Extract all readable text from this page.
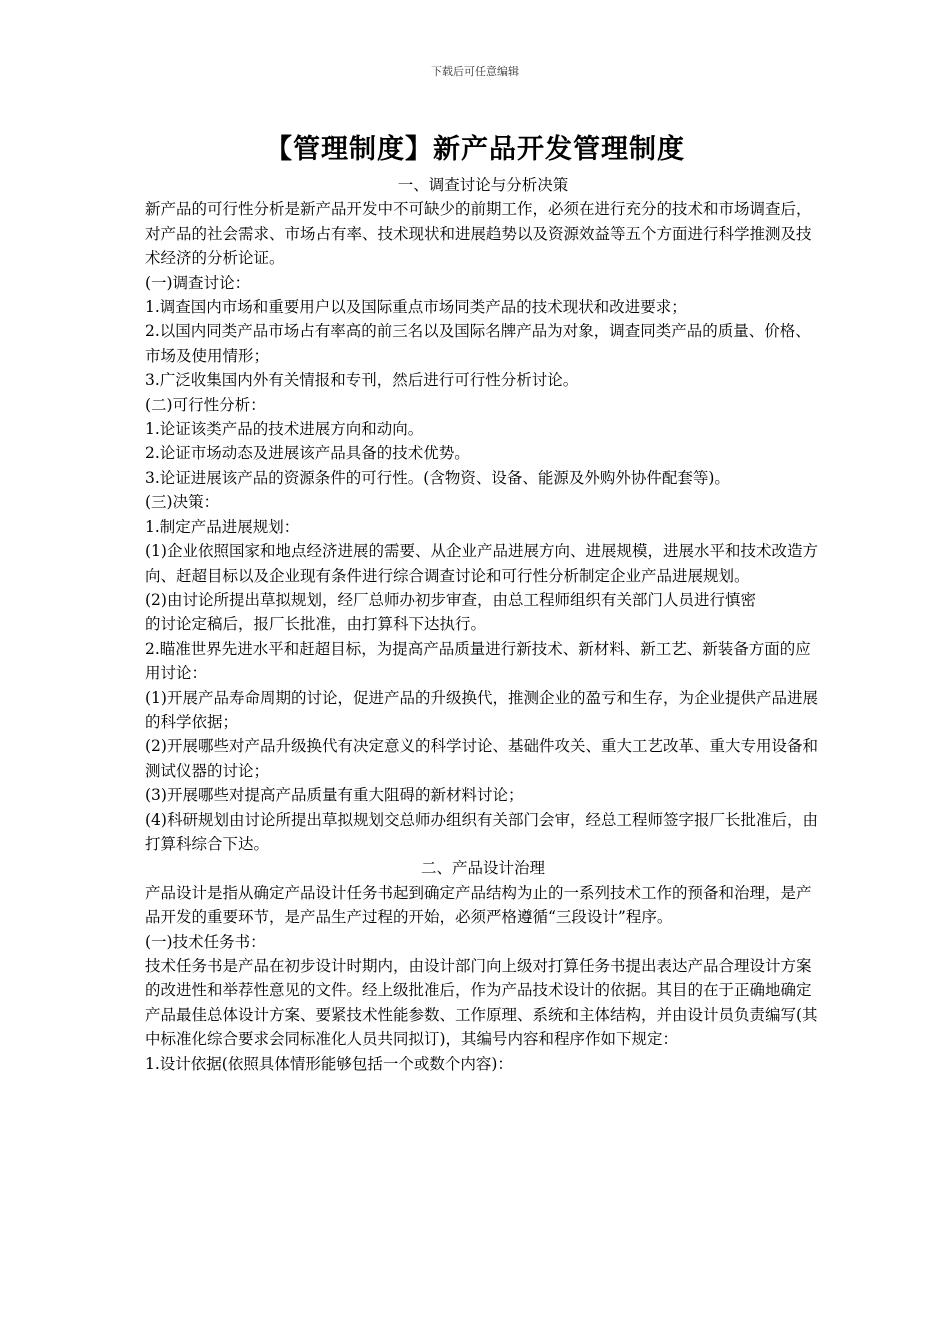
下载后可任意编辑
【管理制度】新产品开发管理制度

一、调查讨论与分析决策

新产品的可行性分析是新产品开发中不可缺少的前期工作，必须在进行充分的技术和市场调查后，对产品的社会需求、市场占有率、技术现状和进展趋势以及资源效益等五个方面进行科学推测及技术经济的分析论证。

(一)调查讨论：

1.调查国内市场和重要用户以及国际重点市场同类产品的技术现状和改进要求；

2.以国内同类产品市场占有率高的前三名以及国际名牌产品为对象，调查同类产品的质量、价格、市场及使用情形；

3.广泛收集国内外有关情报和专刊，然后进行可行性分析讨论。

(二)可行性分析：

1.论证该类产品的技术进展方向和动向。

2.论证市场动态及进展该产品具备的技术优势。

3.论证进展该产品的资源条件的可行性。(含物资、设备、能源及外购外协件配套等)。

(三)决策：

1.制定产品进展规划：

(1)企业依照国家和地点经济进展的需要、从企业产品进展方向、进展规模，进展水平和技术改造方向、赶超目标以及企业现有条件进行综合调查讨论和可行性分析制定企业产品进展规划。

(2)由讨论所提出草拟规划，经厂总师办初步审查，由总工程师组织有关部门人员进行慎密

的讨论定稿后，报厂长批准，由打算科下达执行。

2.瞄准世界先进水平和赶超目标，为提高产品质量进行新技术、新材料、新工艺、新装备方面的应用讨论：

(1)开展产品寿命周期的讨论，促进产品的升级换代，推测企业的盈亏和生存，为企业提供产品进展的科学依据；

(2)开展哪些对产品升级换代有决定意义的科学讨论、基础件攻关、重大工艺改革、重大专用设备和测试仪器的讨论；

(3)开展哪些对提高产品质量有重大阻碍的新材料讨论；

(4)科研规划由讨论所提出草拟规划交总师办组织有关部门会审，经总工程师签字报厂长批准后，由打算科综合下达。

二、产品设计治理

产品设计是指从确定产品设计任务书起到确定产品结构为止的一系列技术工作的预备和治理，是产品开发的重要环节，是产品生产过程的开始，必须严格遵循“三段设计”程序。

(一)技术任务书：

技术任务书是产品在初步设计时期内，由设计部门向上级对打算任务书提出表达产品合理设计方案的改进性和举荐性意见的文件。经上级批准后，作为产品技术设计的依据。其目的在于正确地确定产品最佳总体设计方案、要紧技术性能参数、工作原理、系统和主体结构，并由设计员负责编写(其中标准化综合要求会同标准化人员共同拟订)，其编号内容和程序作如下规定：

1.设计依据(依照具体情形能够包括一个或数个内容)：
